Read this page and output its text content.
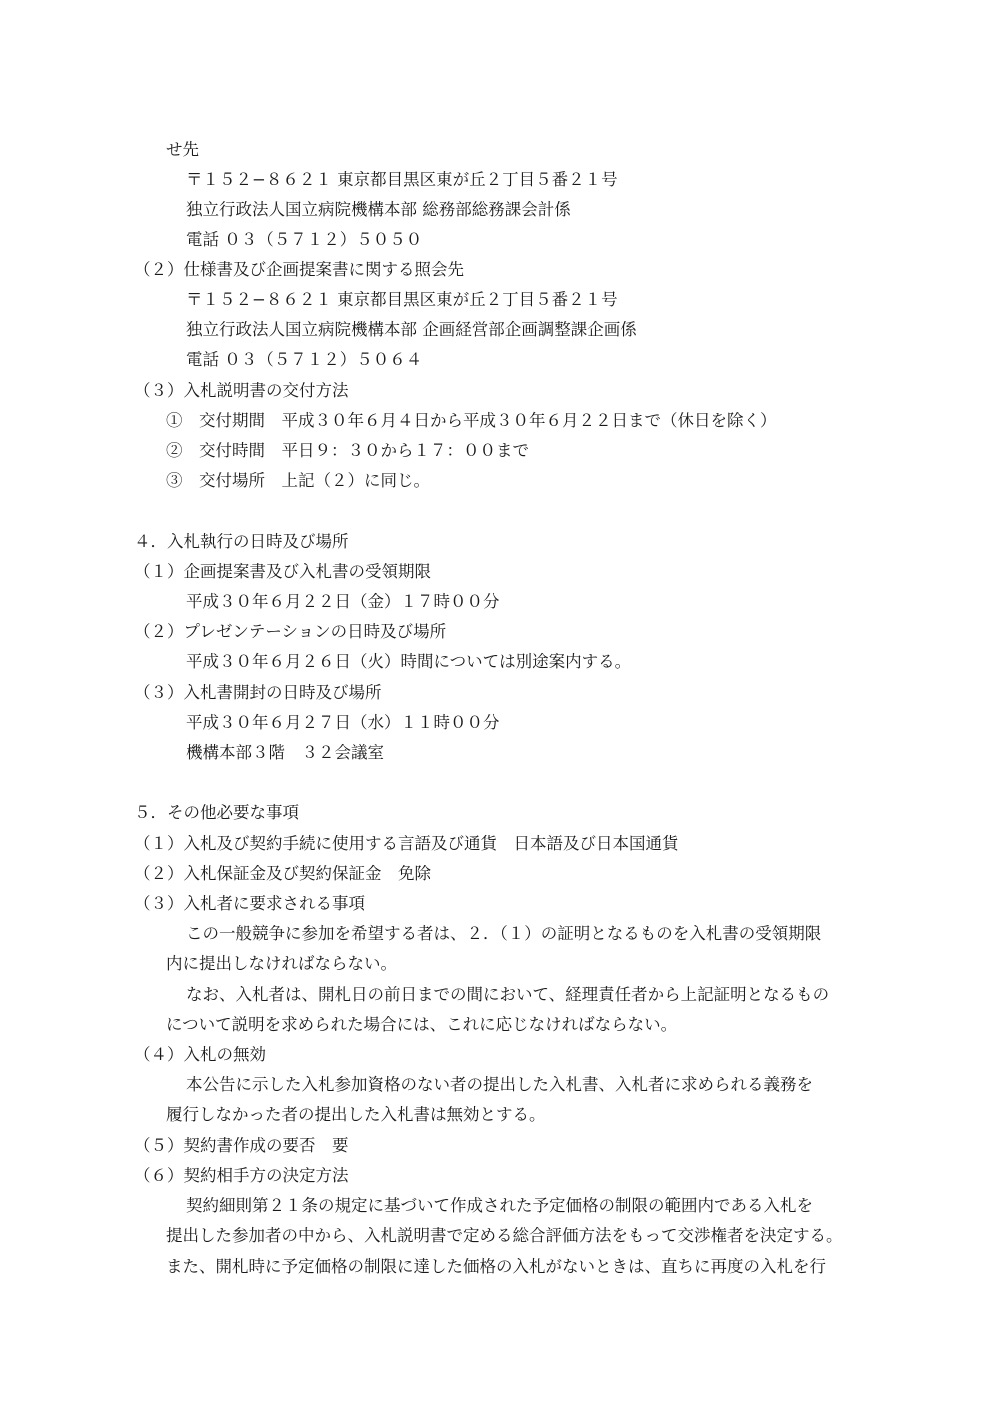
せ先
〒１５２−８６２１ 東京都目黒区東が丘２丁目５番２１号
独立行政法人国立病院機構本部 総務部総務課会計係
電話 ０３（５７１２）５０５０
（２）仕様書及び企画提案書に関する照会先
〒１５２−８６２１ 東京都目黒区東が丘２丁目５番２１号
独立行政法人国立病院機構本部 企画経営部企画調整課企画係
電話 ０３（５７１２）５０６４
（３）入札説明書の交付方法
①　交付期間　平成３０年６月４日から平成３０年６月２２日まで（休日を除く）
②　交付時間　平日９：３０から１７：００まで
③　交付場所　上記（２）に同じ。
４．入札執行の日時及び場所
（１）企画提案書及び入札書の受領期限
平成３０年６月２２日（金）１７時００分
（２）プレゼンテーションの日時及び場所
平成３０年６月２６日（火）時間については別途案内する。
（３）入札書開封の日時及び場所
平成３０年６月２７日（水）１１時００分
機構本部３階　３２会議室
５．その他必要な事項
（１）入札及び契約手続に使用する言語及び通貨　日本語及び日本国通貨
（２）入札保証金及び契約保証金　免除
（３）入札者に要求される事項
この一般競争に参加を希望する者は、２．（１）の証明となるものを入札書の受領期限
内に提出しなければならない。
なお、入札者は、開札日の前日までの間において、経理責任者から上記証明となるもの
について説明を求められた場合には、これに応じなければならない。
（４）入札の無効
本公告に示した入札参加資格のない者の提出した入札書、入札者に求められる義務を
履行しなかった者の提出した入札書は無効とする。
（５）契約書作成の要否　要
（６）契約相手方の決定方法
契約細則第２１条の規定に基づいて作成された予定価格の制限の範囲内である入札を
提出した参加者の中から、入札説明書で定める総合評価方法をもって交渉権者を決定する。
また、開札時に予定価格の制限に達した価格の入札がないときは、直ちに再度の入札を行
